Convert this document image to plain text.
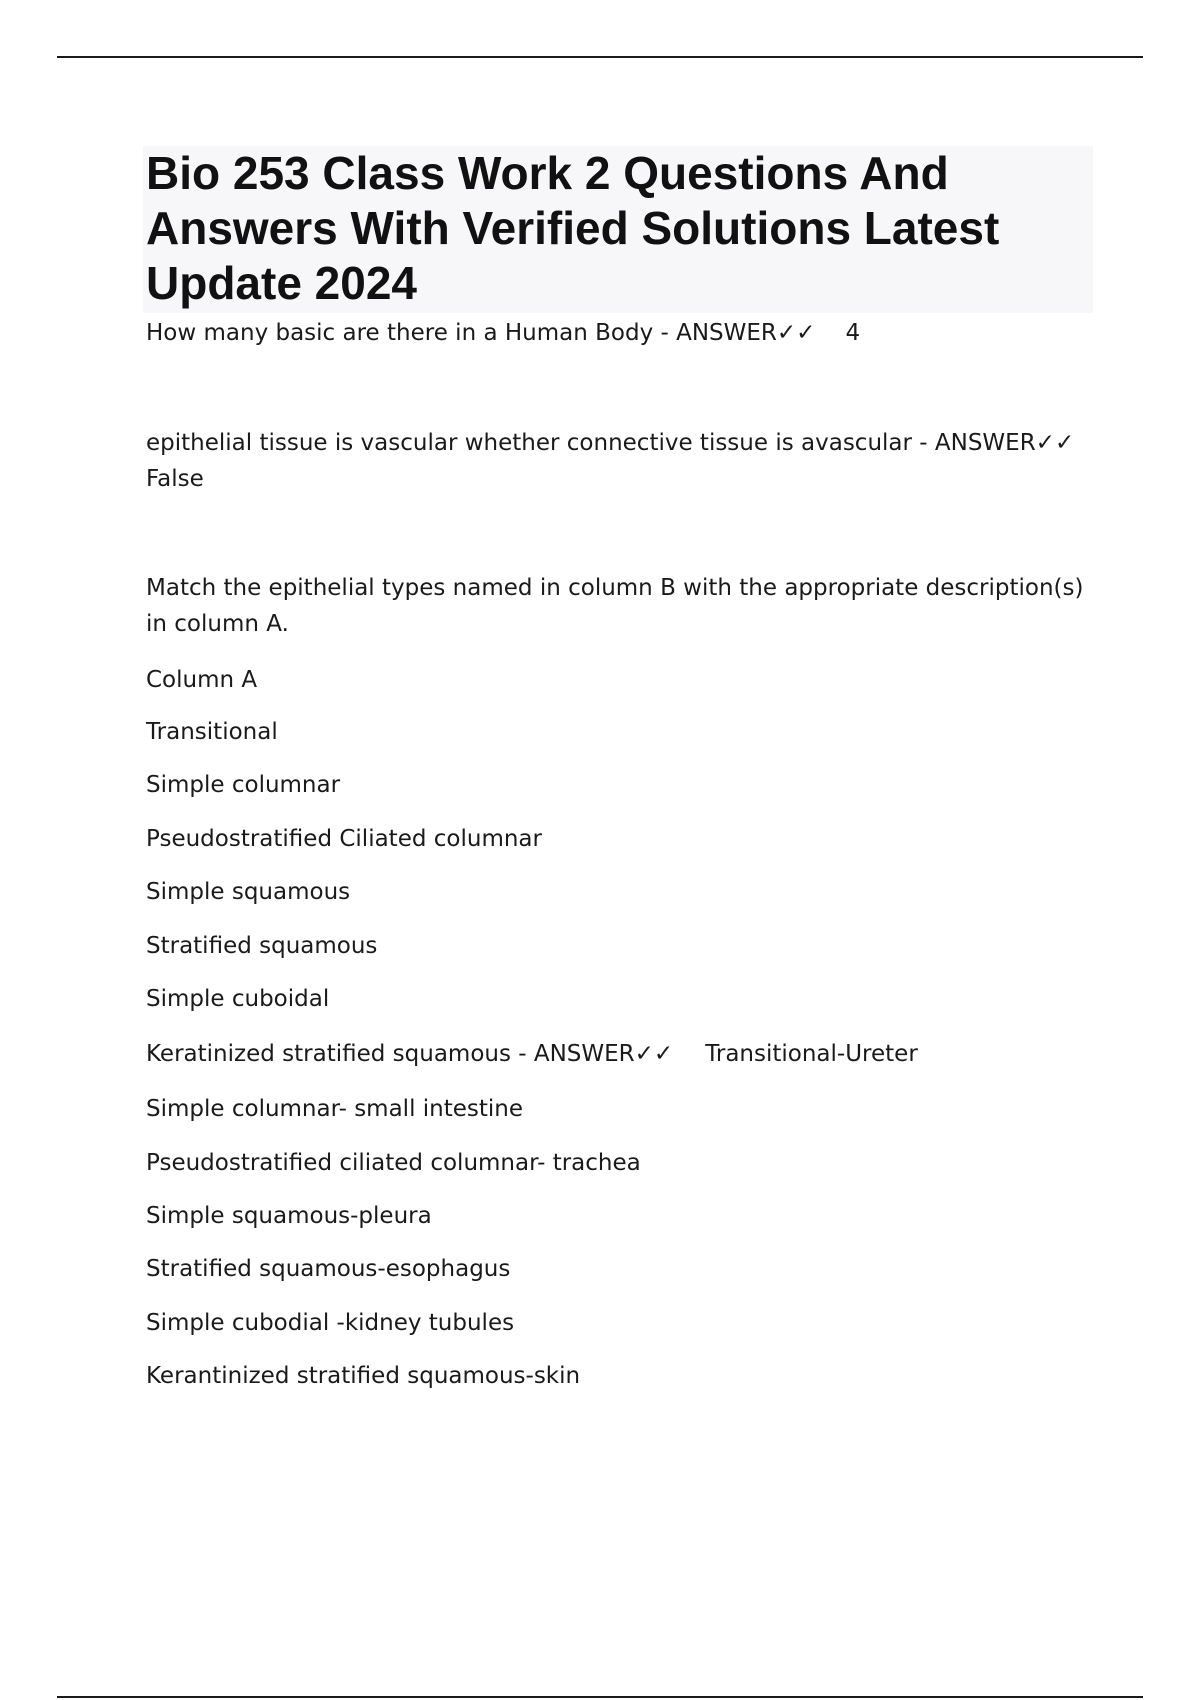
Bio 253 Class Work 2 Questions And Answers With Verified Solutions Latest Update 2024

How many basic are there in a Human Body - ANSWER✓✓ 4

epithelial tissue is vascular whether connective tissue is avascular - ANSWER✓✓
False

Match the epithelial types named in column B with the appropriate description(s) in column A.

Column A

Transitional

Simple columnar

Pseudostratified Ciliated columnar

Simple squamous

Stratified squamous

Simple cuboidal

Keratinized stratified squamous - ANSWER✓✓ Transitional-Ureter

Simple columnar- small intestine

Pseudostratified ciliated columnar- trachea

Simple squamous-pleura

Stratified squamous-esophagus

Simple cubodial -kidney tubules

Kerantinized stratified squamous-skin
